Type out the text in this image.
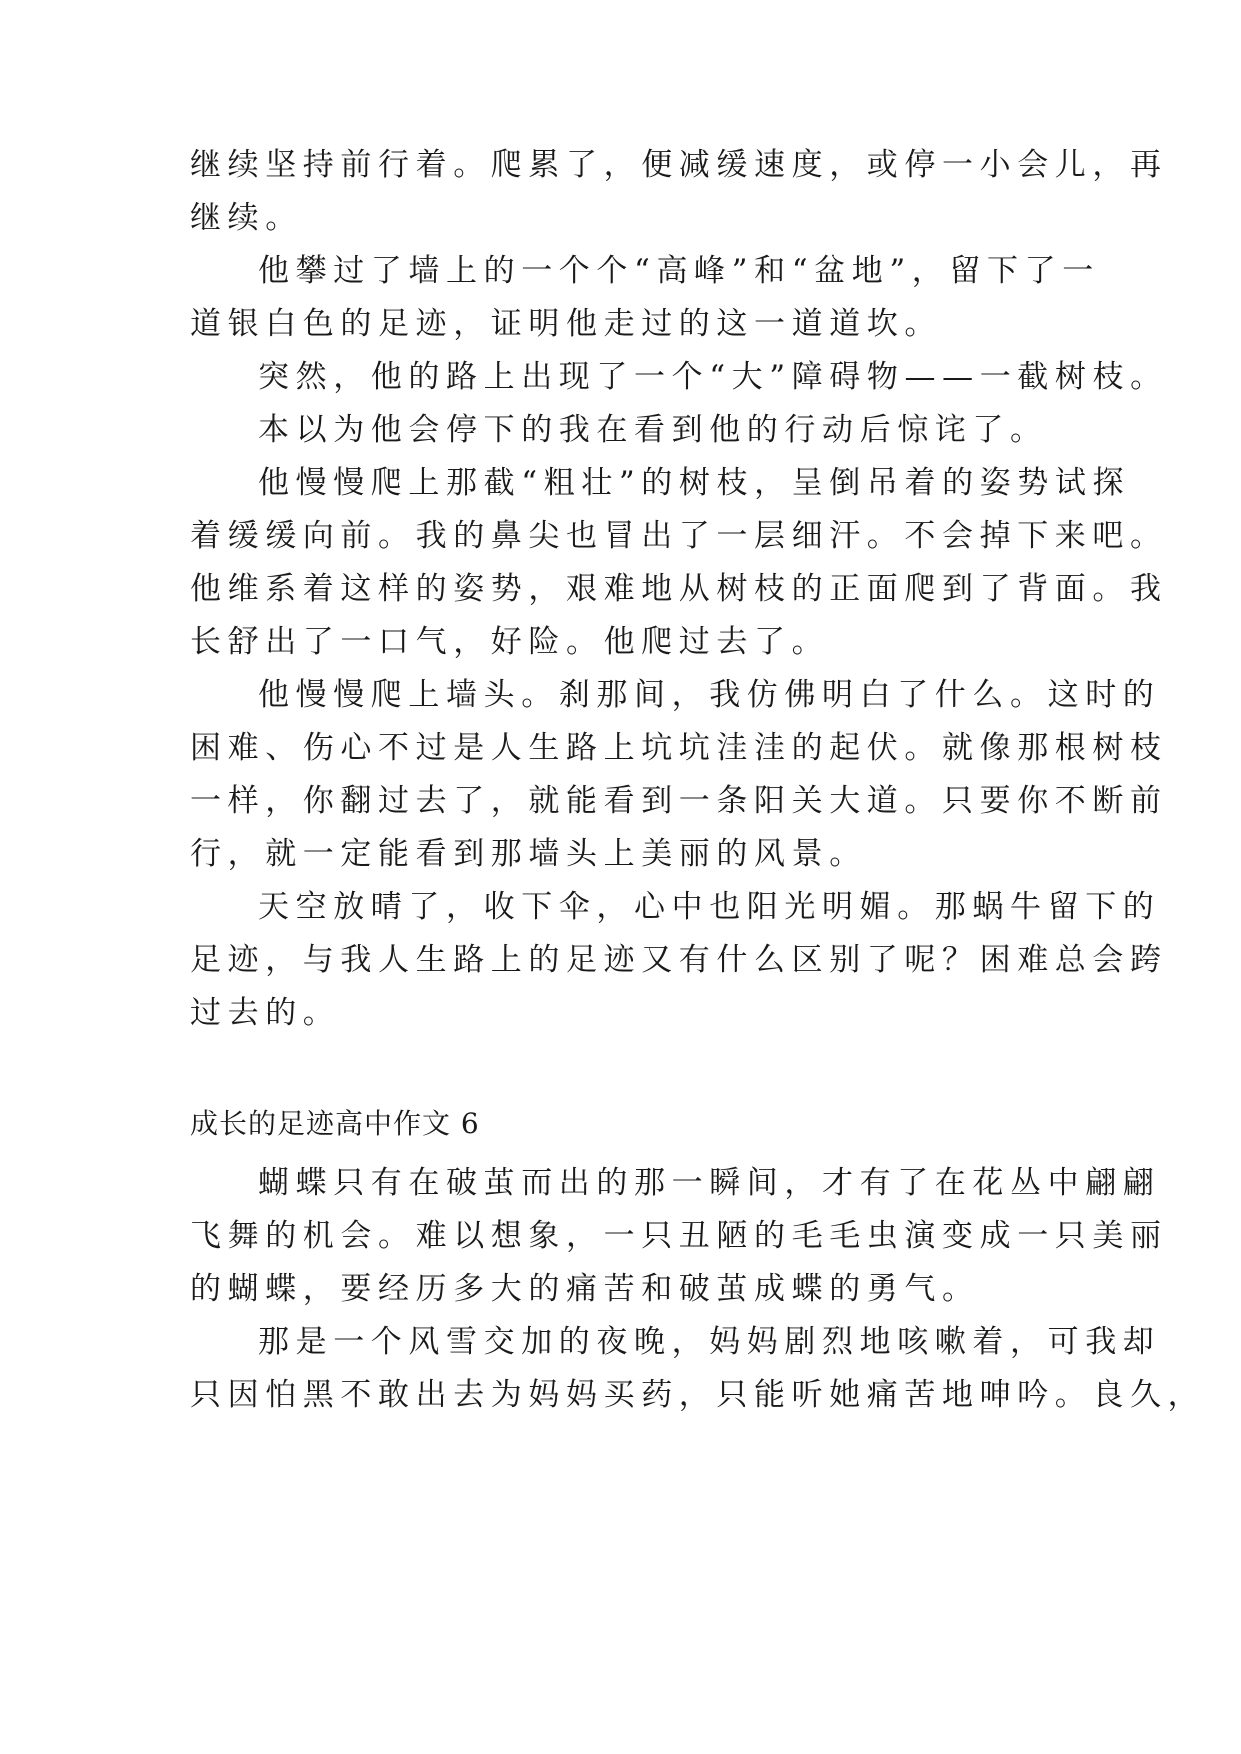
继续坚持前行着。爬累了，便减缓速度，或停一小会儿，再
继续。
他攀过了墙上的一个个“高峰”和“盆地”，留下了一
道银白色的足迹，证明他走过的这一道道坎。
突然，他的路上出现了一个“大”障碍物——一截树枝。
本以为他会停下的我在看到他的行动后惊诧了。
他慢慢爬上那截“粗壮”的树枝，呈倒吊着的姿势试探
着缓缓向前。我的鼻尖也冒出了一层细汗。不会掉下来吧。
他维系着这样的姿势，艰难地从树枝的正面爬到了背面。我
长舒出了一口气，好险。他爬过去了。
他慢慢爬上墙头。刹那间，我仿佛明白了什么。这时的
困难、伤心不过是人生路上坑坑洼洼的起伏。就像那根树枝
一样，你翻过去了，就能看到一条阳关大道。只要你不断前
行，就一定能看到那墙头上美丽的风景。
天空放晴了，收下伞，心中也阳光明媚。那蜗牛留下的
足迹，与我人生路上的足迹又有什么区别了呢？困难总会跨
过去的。
成长的足迹高中作文 6
蝴蝶只有在破茧而出的那一瞬间，才有了在花丛中翩翩
飞舞的机会。难以想象，一只丑陋的毛毛虫演变成一只美丽
的蝴蝶，要经历多大的痛苦和破茧成蝶的勇气。
那是一个风雪交加的夜晚，妈妈剧烈地咳嗽着，可我却
只因怕黑不敢出去为妈妈买药，只能听她痛苦地呻吟。良久，
